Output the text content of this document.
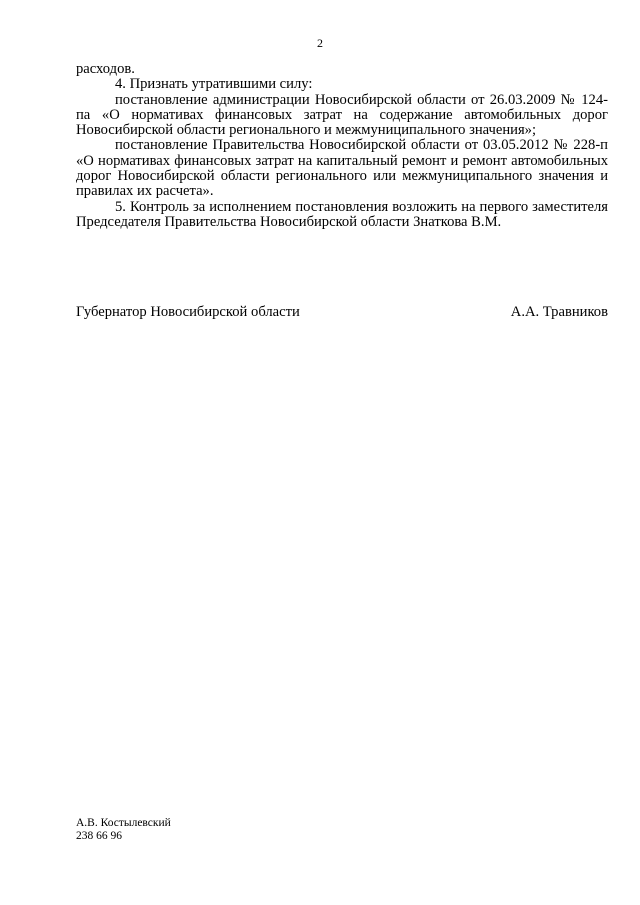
2

расходов.

4. Признать утратившими силу:

постановление администрации Новосибирской области от 26.03.2009 № 124-па «О нормативах финансовых затрат на содержание автомобильных дорог Новосибирской области регионального и межмуниципального значения»;

постановление Правительства Новосибирской области от 03.05.2012 № 228-п «О нормативах финансовых затрат на капитальный ремонт и ремонт автомобильных дорог Новосибирской области регионального или межмуниципального значения и правилах их расчета».

5. Контроль за исполнением постановления возложить на первого заместителя Председателя Правительства Новосибирской области Знаткова В.М.

Губернатор Новосибирской области	А.А. Травников
А.В. Костылевский
238 66 96
